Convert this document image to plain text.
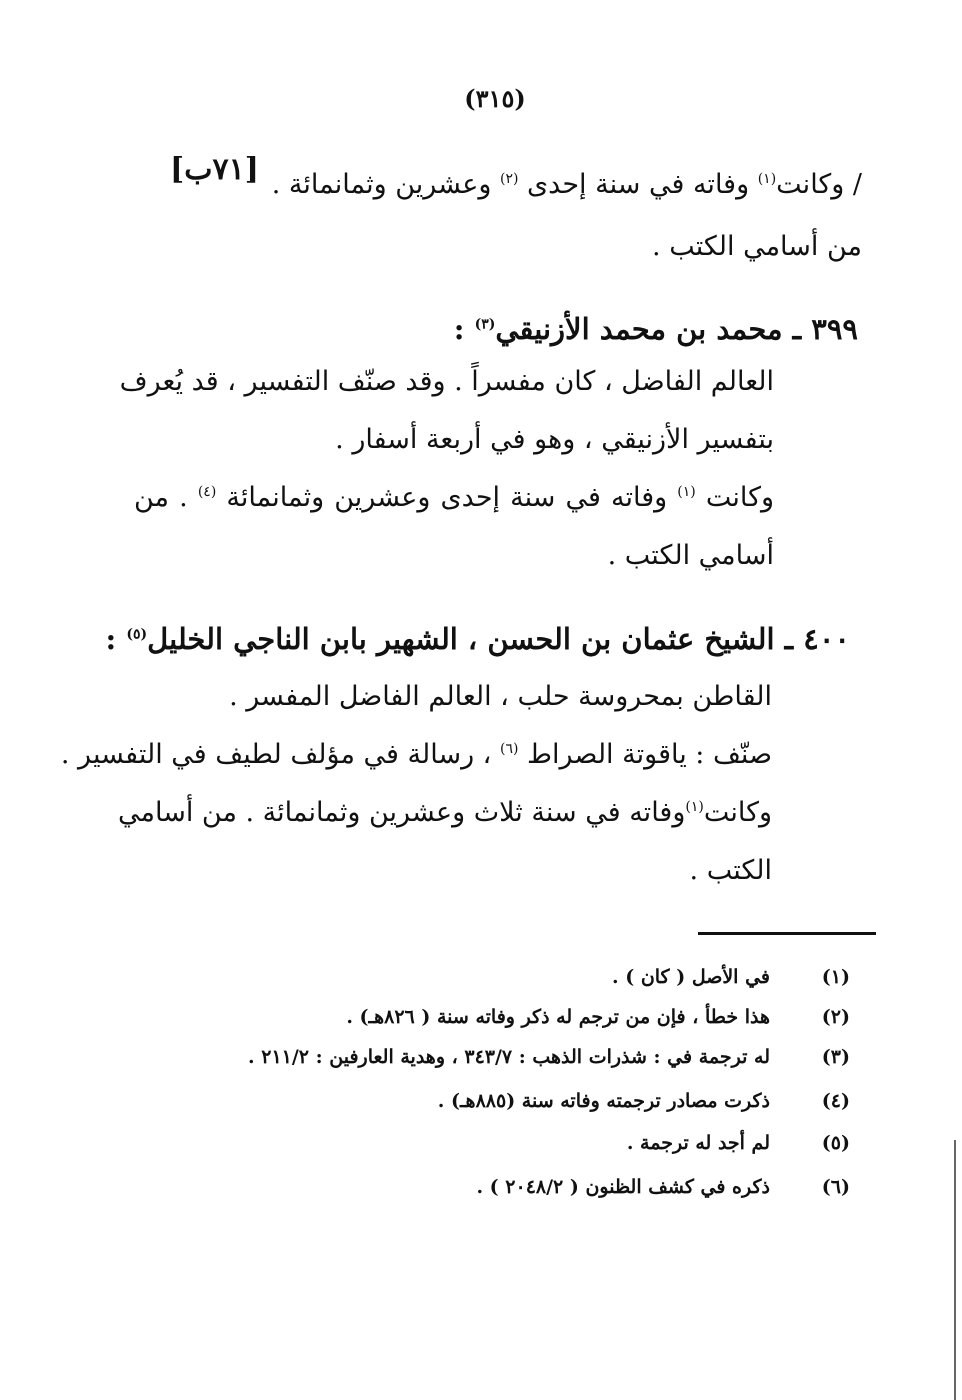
(٣١٥)
[٧١ب]	/ وكانت$^{(١)}$ وفاته في سنة إحدى $^{(٢)}$ وعشرين وثمانمائة .
من أسامي الكتب .
٣٩٩ ـ محمد بن محمد الأزنيقي$^{(٣)}$ :
العالم الفاضل ، كان مفسراً . وقد صنّف التفسير ، قد يُعرف
بتفسير الأزنيقي ، وهو في أربعة أسفار .
وكانت $^{(١)}$ وفاته في سنة إحدى وعشرين وثمانمائة $^{(٤)}$ . من
أسامي الكتب .
٤٠٠ ـ الشيخ عثمان بن الحسن ، الشهير بابن الناجي الخليل$^{(٥)}$ :
القاطن بمحروسة حلب ، العالم الفاضل المفسر .
صنّف : ياقوتة الصراط $^{(٦)}$ ، رسالة في مؤلف لطيف في التفسير .
وكانت$^{(١)}$وفاته في سنة ثلاث وعشرين وثمانمائة . من أسامي
الكتب .
(١)في الأصل ( كان ) .
(٢)هذا خطأ ، فإن من ترجم له ذكر وفاته سنة ( ٨٢٦هـ) .
(٣)له ترجمة في : شذرات الذهب : ٣٤٣/٧ ، وهدية العارفين : ٢١١/٢ .
(٤)ذكرت مصادر ترجمته وفاته سنة (٨٨٥هـ) .
(٥)لم أجد له ترجمة .
(٦)ذكره في كشف الظنون ( ٢٠٤٨/٢ ) .
